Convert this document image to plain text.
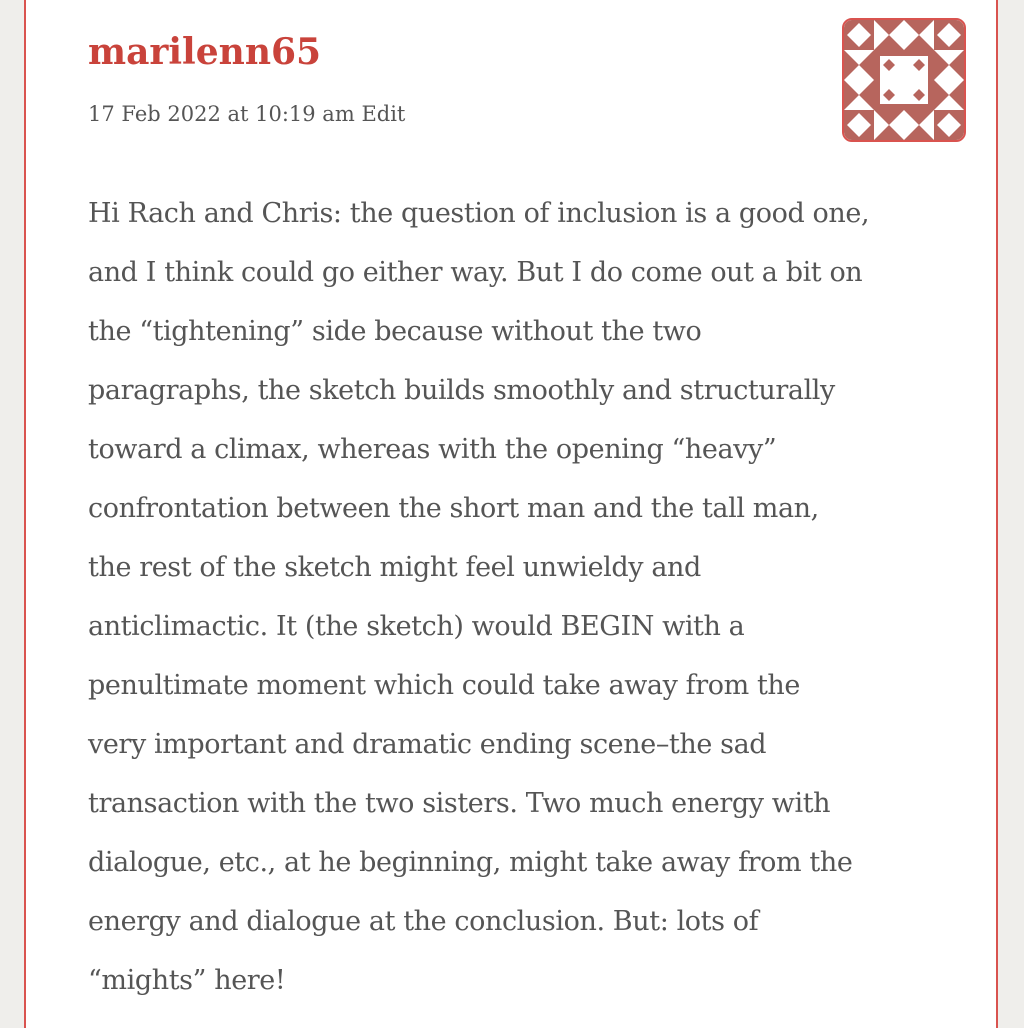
marilenn65
17 Feb 2022 at 10:19 am Edit
Hi Rach and Chris: the question of inclusion is a good one,
and I think could go either way. But I do come out a bit on
the “tightening” side because without the two
paragraphs, the sketch builds smoothly and structurally
toward a climax, whereas with the opening “heavy”
confrontation between the short man and the tall man,
the rest of the sketch might feel unwieldy and
anticlimactic. It (the sketch) would BEGIN with a
penultimate moment which could take away from the
very important and dramatic ending scene–the sad
transaction with the two sisters. Two much energy with
dialogue, etc., at he beginning, might take away from the
energy and dialogue at the conclusion. But: lots of
“mights” here!
